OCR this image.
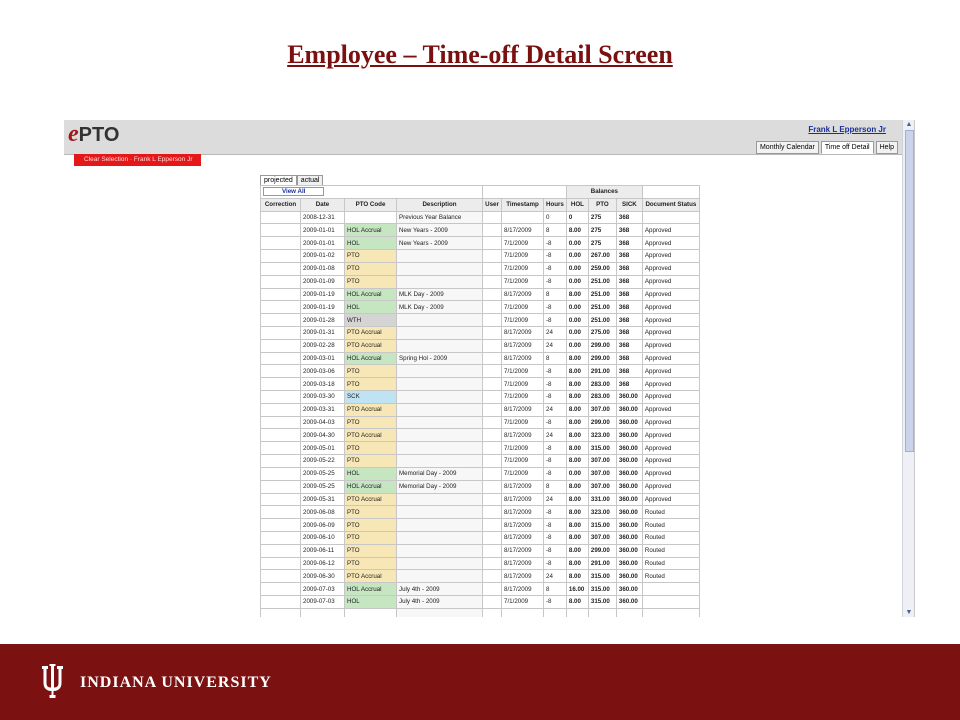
Employee – Time-off Detail Screen
ePTO	Frank L Epperson Jr
Monthly Calendar	Time off Detail	Help
Clear Selection · Frank L Epperson Jr
projected	actual
View All							Balances			
Correction	Date	PTO Code	Description	User	Timestamp	Hours	HOL	PTO	SICK	Document Status
	2008-12-31		Previous Year Balance			0	0	275	368	
	2009-01-01	HOL Accrual	New Years - 2009		8/17/2009	8	8.00	275	368	Approved
	2009-01-01	HOL	New Years - 2009		7/1/2009	-8	0.00	275	368	Approved
	2009-01-02	PTO			7/1/2009	-8	0.00	267.00	368	Approved
	2009-01-08	PTO			7/1/2009	-8	0.00	259.00	368	Approved
	2009-01-09	PTO			7/1/2009	-8	0.00	251.00	368	Approved
	2009-01-19	HOL Accrual	MLK Day - 2009		8/17/2009	8	8.00	251.00	368	Approved
	2009-01-19	HOL	MLK Day - 2009		7/1/2009	-8	0.00	251.00	368	Approved
	2009-01-28	WTH			7/1/2009	-8	0.00	251.00	368	Approved
	2009-01-31	PTO Accrual			8/17/2009	24	0.00	275.00	368	Approved
	2009-02-28	PTO Accrual			8/17/2009	24	0.00	299.00	368	Approved
	2009-03-01	HOL Accrual	Spring Hol - 2009		8/17/2009	8	8.00	299.00	368	Approved
	2009-03-06	PTO			7/1/2009	-8	8.00	291.00	368	Approved
	2009-03-18	PTO			7/1/2009	-8	8.00	283.00	368	Approved
	2009-03-30	SCK			7/1/2009	-8	8.00	283.00	360.00	Approved
	2009-03-31	PTO Accrual			8/17/2009	24	8.00	307.00	360.00	Approved
	2009-04-03	PTO			7/1/2009	-8	8.00	299.00	360.00	Approved
	2009-04-30	PTO Accrual			8/17/2009	24	8.00	323.00	360.00	Approved
	2009-05-01	PTO			7/1/2009	-8	8.00	315.00	360.00	Approved
	2009-05-22	PTO			7/1/2009	-8	8.00	307.00	360.00	Approved
	2009-05-25	HOL	Memorial Day - 2009		7/1/2009	-8	0.00	307.00	360.00	Approved
	2009-05-25	HOL Accrual	Memorial Day - 2009		8/17/2009	8	8.00	307.00	360.00	Approved
	2009-05-31	PTO Accrual			8/17/2009	24	8.00	331.00	360.00	Approved
	2009-06-08	PTO			8/17/2009	-8	8.00	323.00	360.00	Routed
	2009-06-09	PTO			8/17/2009	-8	8.00	315.00	360.00	Routed
	2009-06-10	PTO			8/17/2009	-8	8.00	307.00	360.00	Routed
	2009-06-11	PTO			8/17/2009	-8	8.00	299.00	360.00	Routed
	2009-06-12	PTO			8/17/2009	-8	8.00	291.00	360.00	Routed
	2009-06-30	PTO Accrual			8/17/2009	24	8.00	315.00	360.00	Routed
	2009-07-03	HOL Accrual	July 4th - 2009		8/17/2009	8	16.00	315.00	360.00	
	2009-07-03	HOL	July 4th - 2009		7/1/2009	-8	8.00	315.00	360.00	

▲
▼
INDIANA UNIVERSITY
